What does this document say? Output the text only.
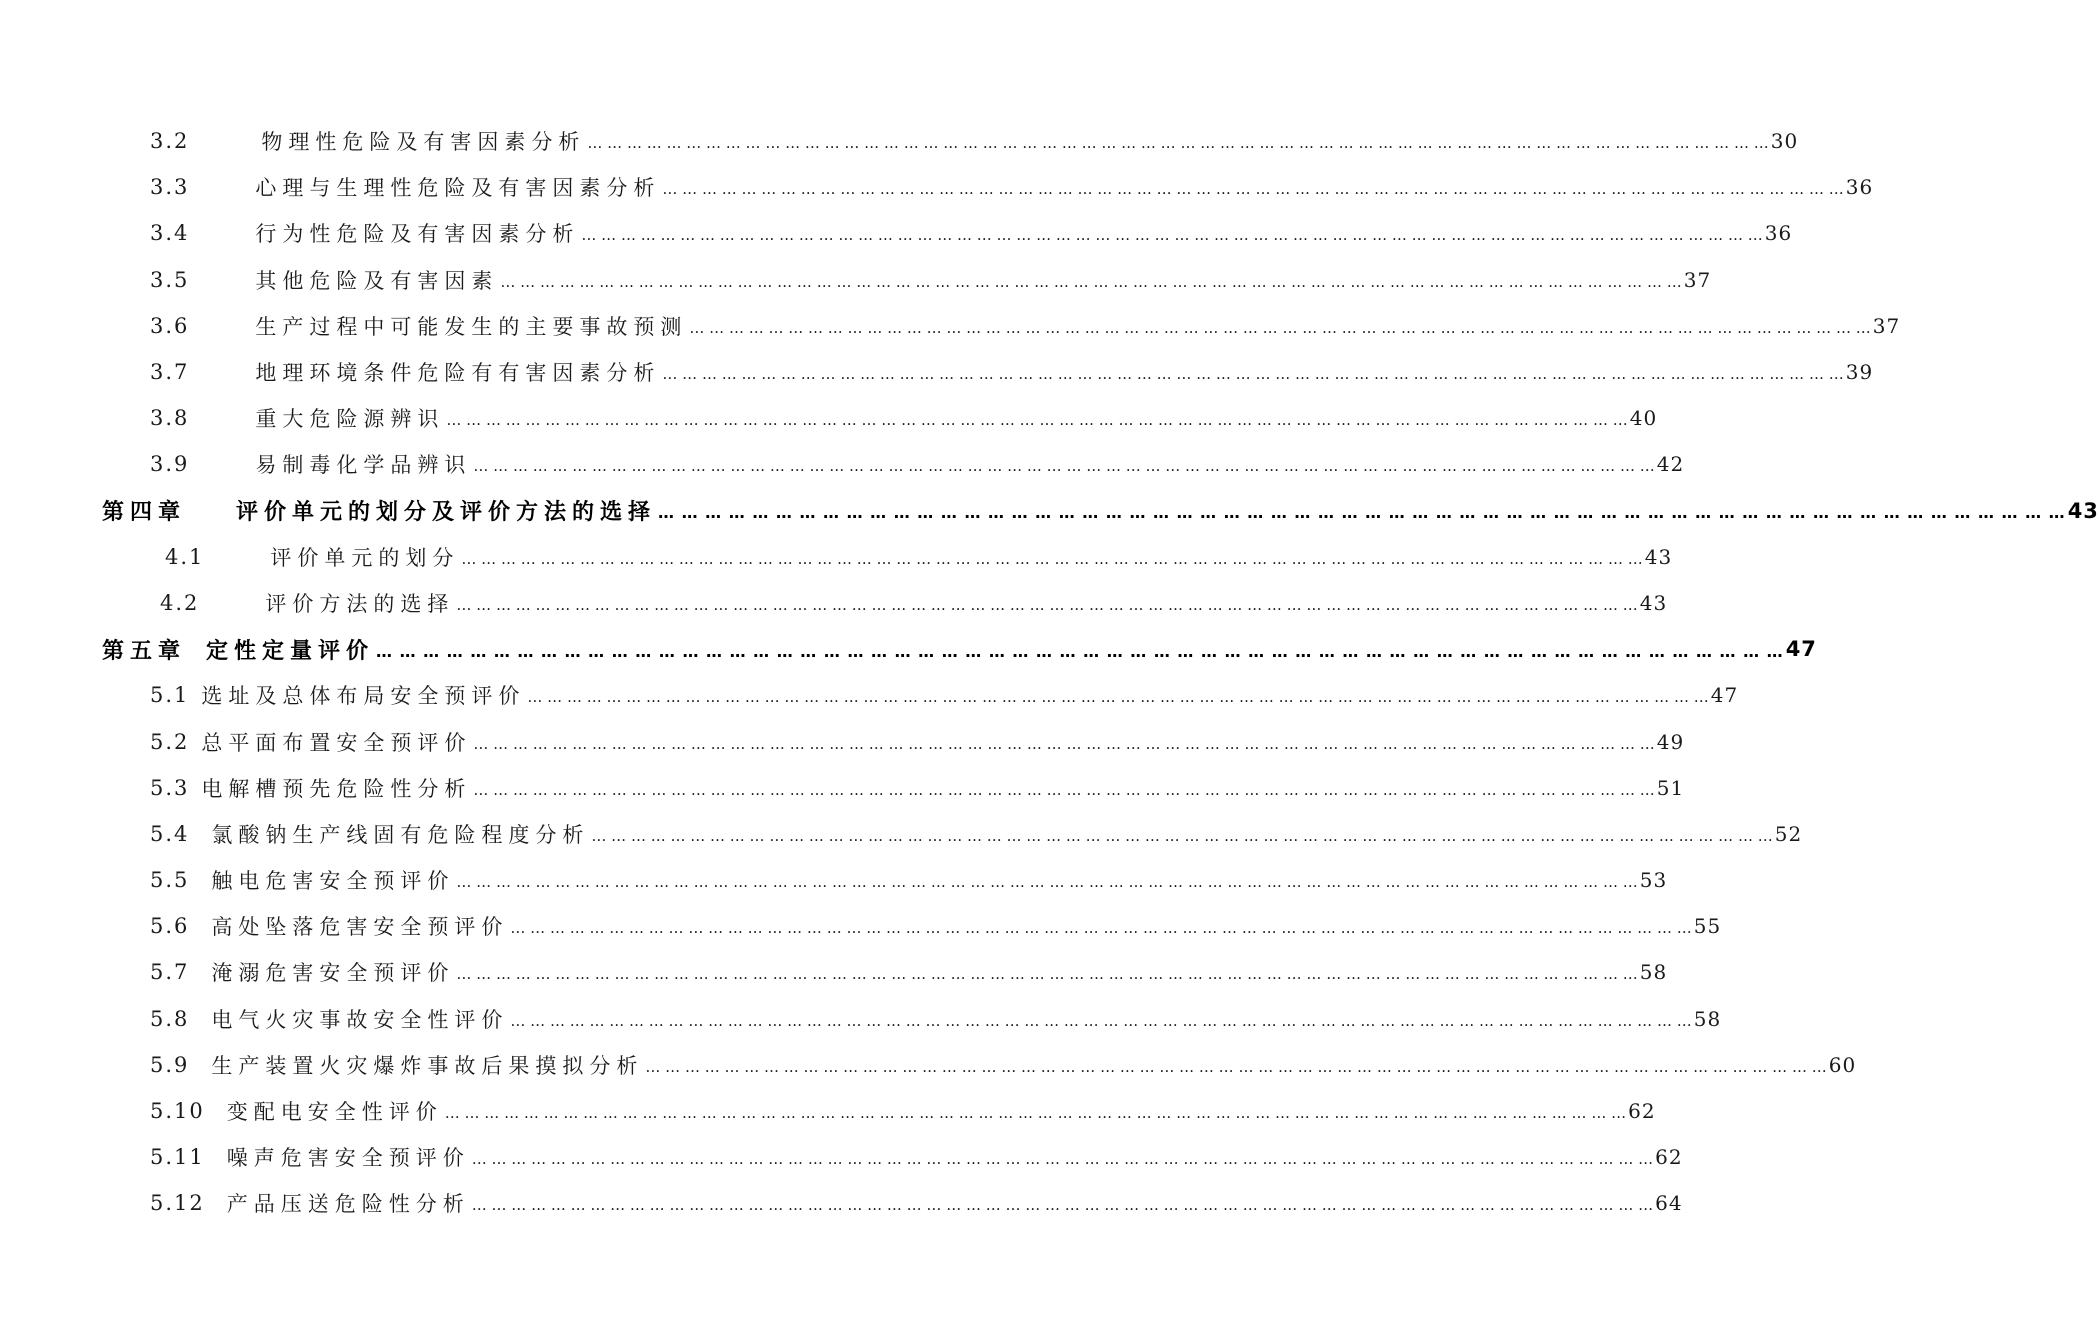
3.2	物理性危险及有害因素分析 … … … … … … … … … … … … … … … … … … … … … … … … … … … … … … … … … … … … … … … … … … … … … … … … … … … … … … … … … … … … 30
3.3	心理与生理性危险及有害因素分析 … … … … … … … … … … … … … … … … … … … … … … … … … … … … … … … … … … … … … … … … … … … … … … … … … … … … … … … … … … … … 36
3.4	行为性危险及有害因素分析 … … … … … … … … … … … … … … … … … … … … … … … … … … … … … … … … … … … … … … … … … … … … … … … … … … … … … … … … … … … … 36
3.5	其他危险及有害因素 … … … … … … … … … … … … … … … … … … … … … … … … … … … … … … … … … … … … … … … … … … … … … … … … … … … … … … … … … … … … 37
3.6	生产过程中可能发生的主要事故预测 … … … … … … … … … … … … … … … … … … … … … … … … … … … … … … … … … … … … … … … … … … … … … … … … … … … … … … … … … … … … 37
3.7	地理环境条件危险有有害因素分析 … … … … … … … … … … … … … … … … … … … … … … … … … … … … … … … … … … … … … … … … … … … … … … … … … … … … … … … … … … … … 39
3.8	重大危险源辨识 … … … … … … … … … … … … … … … … … … … … … … … … … … … … … … … … … … … … … … … … … … … … … … … … … … … … … … … … … … … … 40
3.9	易制毒化学品辨识 … … … … … … … … … … … … … … … … … … … … … … … … … … … … … … … … … … … … … … … … … … … … … … … … … … … … … … … … … … … … 42
第四章 评价单元的划分及评价方法的选择 … … … … … … … … … … … … … … … … … … … … … … … … … … … … … … … … … … … … … … … … … … … … … … … … … … … … … … … … … … … … 43
4.1	评价单元的划分 … … … … … … … … … … … … … … … … … … … … … … … … … … … … … … … … … … … … … … … … … … … … … … … … … … … … … … … … … … … … 43
4.2	评价方法的选择 … … … … … … … … … … … … … … … … … … … … … … … … … … … … … … … … … … … … … … … … … … … … … … … … … … … … … … … … … … … … 43
第五章 定性定量评价 … … … … … … … … … … … … … … … … … … … … … … … … … … … … … … … … … … … … … … … … … … … … … … … … … … … … … … … … … … … … 47
5.1 选址及总体布局安全预评价 … … … … … … … … … … … … … … … … … … … … … … … … … … … … … … … … … … … … … … … … … … … … … … … … … … … … … … … … … … … … 47
5.2 总平面布置安全预评价 … … … … … … … … … … … … … … … … … … … … … … … … … … … … … … … … … … … … … … … … … … … … … … … … … … … … … … … … … … … … 49
5.3 电解槽预先危险性分析 … … … … … … … … … … … … … … … … … … … … … … … … … … … … … … … … … … … … … … … … … … … … … … … … … … … … … … … … … … … … 51
5.4 氯酸钠生产线固有危险程度分析 … … … … … … … … … … … … … … … … … … … … … … … … … … … … … … … … … … … … … … … … … … … … … … … … … … … … … … … … … … … … 52
5.5 触电危害安全预评价 … … … … … … … … … … … … … … … … … … … … … … … … … … … … … … … … … … … … … … … … … … … … … … … … … … … … … … … … … … … … 53
5.6 高处坠落危害安全预评价 … … … … … … … … … … … … … … … … … … … … … … … … … … … … … … … … … … … … … … … … … … … … … … … … … … … … … … … … … … … … 55
5.7 淹溺危害安全预评价 … … … … … … … … … … … … … … … … … … … … … … … … … … … … … … … … … … … … … … … … … … … … … … … … … … … … … … … … … … … … 58
5.8 电气火灾事故安全性评价 … … … … … … … … … … … … … … … … … … … … … … … … … … … … … … … … … … … … … … … … … … … … … … … … … … … … … … … … … … … … 58
5.9 生产装置火灾爆炸事故后果摸拟分析 … … … … … … … … … … … … … … … … … … … … … … … … … … … … … … … … … … … … … … … … … … … … … … … … … … … … … … … … … … … … 60
5.10 变配电安全性评价 … … … … … … … … … … … … … … … … … … … … … … … … … … … … … … … … … … … … … … … … … … … … … … … … … … … … … … … … … … … … 62
5.11 噪声危害安全预评价 … … … … … … … … … … … … … … … … … … … … … … … … … … … … … … … … … … … … … … … … … … … … … … … … … … … … … … … … … … … … 62
5.12 产品压送危险性分析 … … … … … … … … … … … … … … … … … … … … … … … … … … … … … … … … … … … … … … … … … … … … … … … … … … … … … … … … … … … … 64
